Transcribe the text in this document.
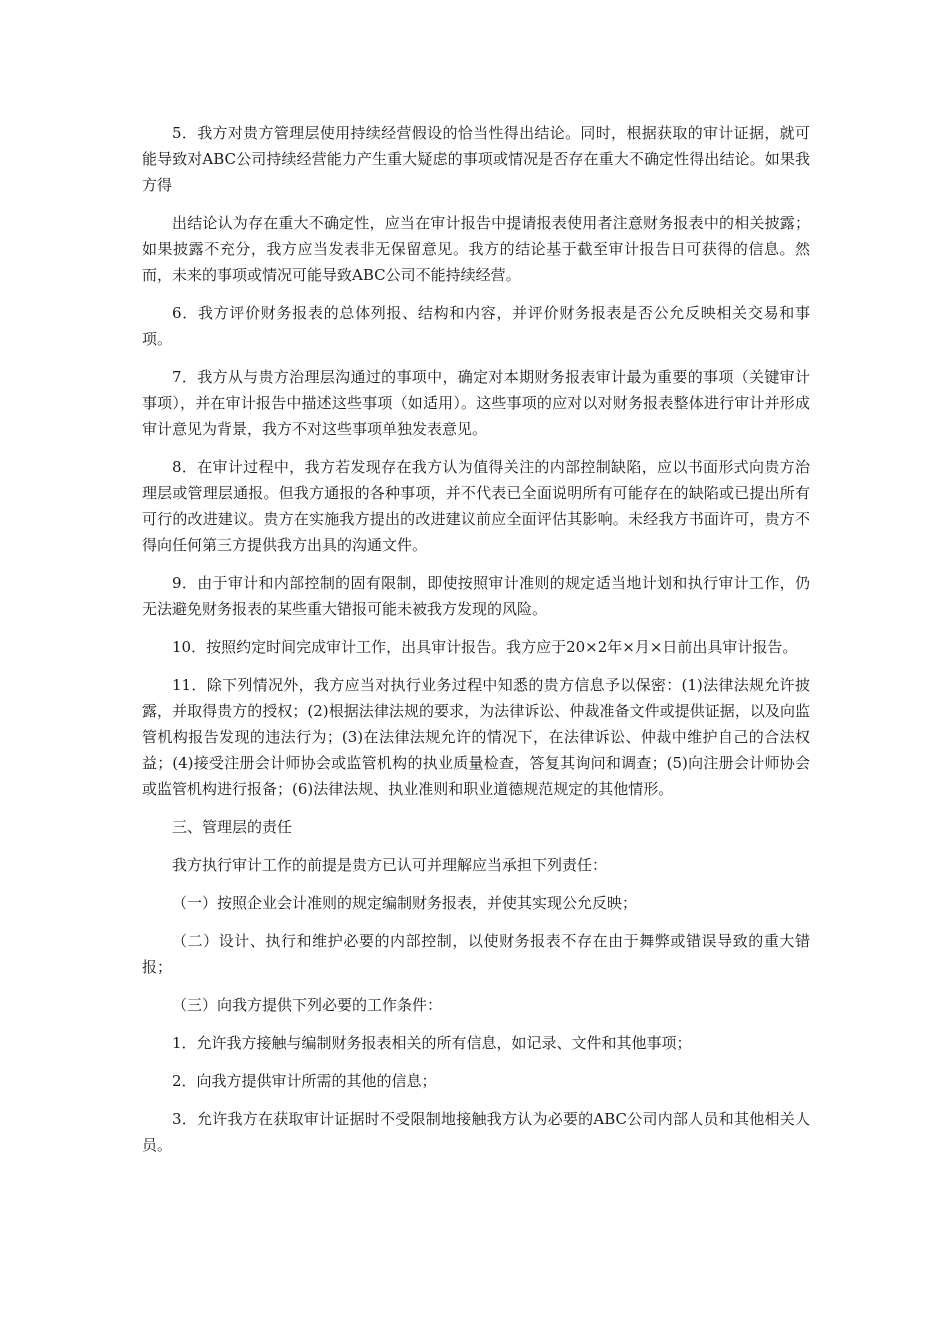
5．我方对贵方管理层使用持续经营假设的恰当性得出结论。同时，根据获取的审计证据，就可能导致对ABC公司持续经营能力产生重大疑虑的事项或情况是否存在重大不确定性得出结论。如果我方得

出结论认为存在重大不确定性，应当在审计报告中提请报表使用者注意财务报表中的相关披露；如果披露不充分，我方应当发表非无保留意见。我方的结论基于截至审计报告日可获得的信息。然而，未来的事项或情况可能导致ABC公司不能持续经营。

6．我方评价财务报表的总体列报、结构和内容，并评价财务报表是否公允反映相关交易和事项。

7．我方从与贵方治理层沟通过的事项中，确定对本期财务报表审计最为重要的事项（关键审计事项），并在审计报告中描述这些事项（如适用）。这些事项的应对以对财务报表整体进行审计并形成审计意见为背景，我方不对这些事项单独发表意见。

8．在审计过程中，我方若发现存在我方认为值得关注的内部控制缺陷，应以书面形式向贵方治理层或管理层通报。但我方通报的各种事项，并不代表已全面说明所有可能存在的缺陷或已提出所有可行的改进建议。贵方在实施我方提出的改进建议前应全面评估其影响。未经我方书面许可，贵方不得向任何第三方提供我方出具的沟通文件。

9．由于审计和内部控制的固有限制，即使按照审计准则的规定适当地计划和执行审计工作，仍无法避免财务报表的某些重大错报可能未被我方发现的风险。

10．按照约定时间完成审计工作，出具审计报告。我方应于20×2年×月×日前出具审计报告。

11．除下列情况外，我方应当对执行业务过程中知悉的贵方信息予以保密：(1)法律法规允许披露，并取得贵方的授权；(2)根据法律法规的要求，为法律诉讼、仲裁准备文件或提供证据，以及向监管机构报告发现的违法行为；(3)在法律法规允许的情况下，在法律诉讼、仲裁中维护自己的合法权益；(4)接受注册会计师协会或监管机构的执业质量检查，答复其询问和调查；(5)向注册会计师协会或监管机构进行报备；(6)法律法规、执业准则和职业道德规范规定的其他情形。

三、管理层的责任

我方执行审计工作的前提是贵方已认可并理解应当承担下列责任：

（一）按照企业会计准则的规定编制财务报表，并使其实现公允反映；

（二）设计、执行和维护必要的内部控制，以使财务报表不存在由于舞弊或错误导致的重大错报；

（三）向我方提供下列必要的工作条件：

1．允许我方接触与编制财务报表相关的所有信息，如记录、文件和其他事项；

2．向我方提供审计所需的其他的信息；

3．允许我方在获取审计证据时不受限制地接触我方认为必要的ABC公司内部人员和其他相关人员。
